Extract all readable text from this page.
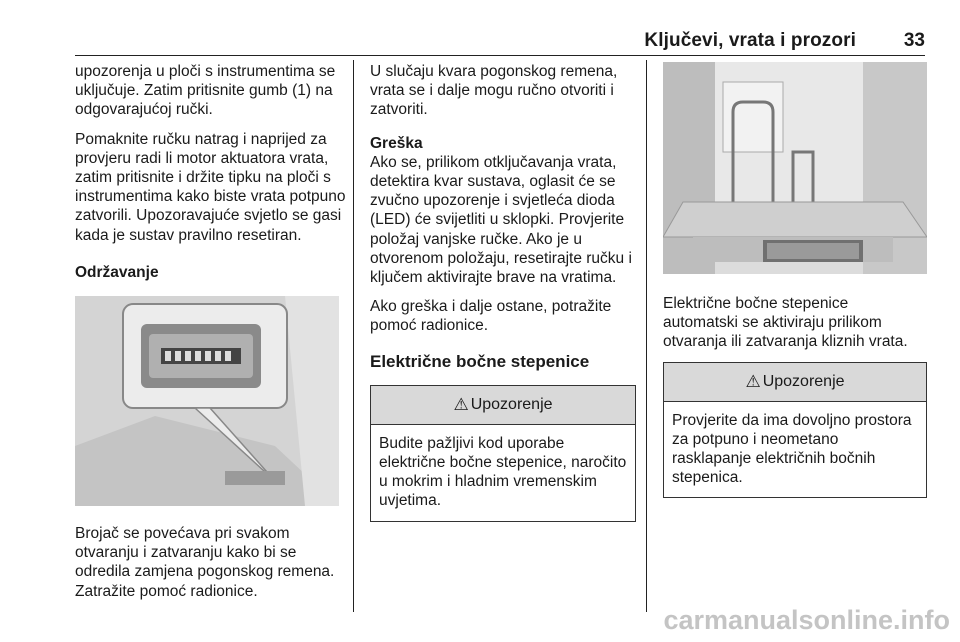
Ključevi, vrata i prozori	33

upozorenja u ploči s instrumentima se uključuje. Zatim pritisnite gumb (1) na odgovarajućoj ručki.

Pomaknite ručku natrag i naprijed za provjeru radi li motor aktuatora vrata, zatim pritisnite i držite tipku na ploči s instrumentima kako biste vrata potpuno zatvorili. Upozoravajuće svjetlo se gasi kada je sustav pravilno resetiran.

Održavanje

Brojač se povećava pri svakom otvaranju i zatvaranju kako bi se odredila zamjena pogonskog remena. Zatražite pomoć radionice.

U slučaju kvara pogonskog remena, vrata se i dalje mogu ručno otvoriti i zatvoriti.

Greška
Ako se, prilikom otključavanja vrata, detektira kvar sustava, oglasit će se zvučno upozorenje i svjetleća dioda (LED) će svijetliti u sklopki. Provjerite položaj vanjske ručke. Ako je u otvorenom položaju, resetirajte ručku i ključem aktivirajte brave na vratima.

Ako greška i dalje ostane, potražite pomoć radionice.

Električne bočne stepenice
⚠ Upozorenje
Budite pažljivi kod uporabe električne bočne stepenice, naročito u mokrim i hladnim vremenskim uvjetima.

Električne bočne stepenice automatski se aktiviraju prilikom otvaranja ili zatvaranja kliznih vrata.

⚠ Upozorenje
Provjerite da ima dovoljno prostora za potpuno i neometano rasklapanje električnih bočnih stepenica.
carmanualsonline.info
